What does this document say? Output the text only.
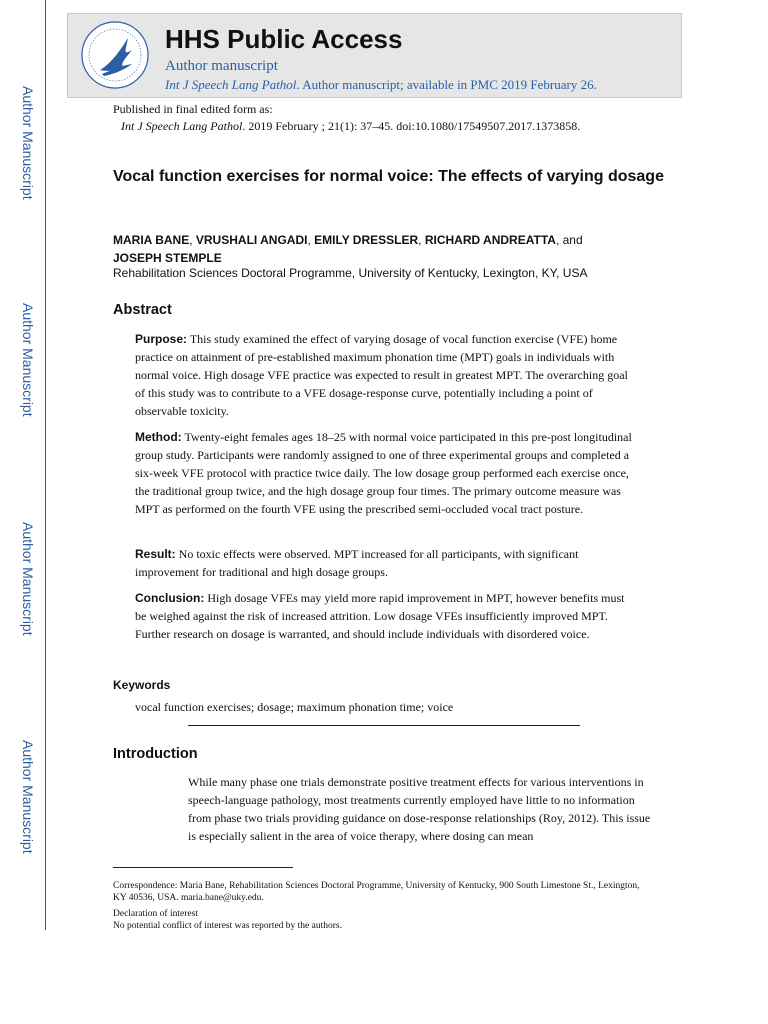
Author Manuscript
Author Manuscript
Author Manuscript
Author Manuscript
HHS Public Access
Author manuscript
Int J Speech Lang Pathol. Author manuscript; available in PMC 2019 February 26.
Published in final edited form as:
Int J Speech Lang Pathol. 2019 February ; 21(1): 37–45. doi:10.1080/17549507.2017.1373858.
Vocal function exercises for normal voice: The effects of varying dosage
MARIA BANE, VRUSHALI ANGADI, EMILY DRESSLER, RICHARD ANDREATTA, and
JOSEPH STEMPLE
Rehabilitation Sciences Doctoral Programme, University of Kentucky, Lexington, KY, USA
Abstract
Purpose: This study examined the effect of varying dosage of vocal function exercise (VFE) home practice on attainment of pre-established maximum phonation time (MPT) goals in individuals with normal voice. High dosage VFE practice was expected to result in greatest MPT. The overarching goal of this study was to contribute to a VFE dosage-response curve, potentially including a point of observable toxicity.
Method: Twenty-eight females ages 18–25 with normal voice participated in this pre-post longitudinal group study. Participants were randomly assigned to one of three experimental groups and completed a six-week VFE protocol with practice twice daily. The low dosage group performed each exercise once, the traditional group twice, and the high dosage group four times. The primary outcome measure was MPT as performed on the fourth VFE using the prescribed semi-occluded vocal tract posture.
Result: No toxic effects were observed. MPT increased for all participants, with significant improvement for traditional and high dosage groups.
Conclusion: High dosage VFEs may yield more rapid improvement in MPT, however benefits must be weighed against the risk of increased attrition. Low dosage VFEs insufficiently improved MPT. Further research on dosage is warranted, and should include individuals with disordered voice.
Keywords
vocal function exercises; dosage; maximum phonation time; voice
Introduction
While many phase one trials demonstrate positive treatment effects for various interventions in speech-language pathology, most treatments currently employed have little to no information from phase two trials providing guidance on dose-response relationships (Roy, 2012). This issue is especially salient in the area of voice therapy, where dosing can mean
Correspondence: Maria Bane, Rehabilitation Sciences Doctoral Programme, University of Kentucky, 900 South Limestone St., Lexington, KY 40536, USA. maria.bane@uky.edu.
Declaration of interest
No potential conflict of interest was reported by the authors.
